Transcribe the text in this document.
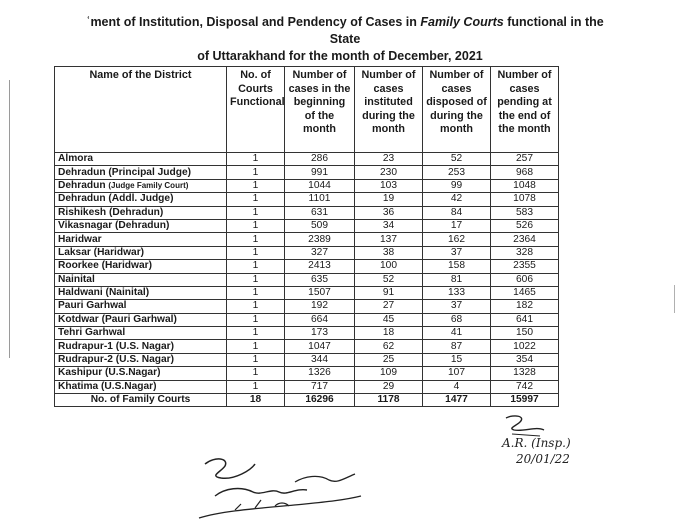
ʿment of Institution, Disposal and Pendency of Cases in Family Courts functional in the State
of Uttarakhand for the month of December, 2021
Name of the District	No. of Courts Functional	Number of cases in the beginning of the month	Number of cases instituted during the month	Number of cases disposed of during the month	Number of cases pending at the end of the month
Almora	1	286	23	52	257
Dehradun (Principal Judge)	1	991	230	253	968
Dehradun (Judge Family Court)	1	1044	103	99	1048
Dehradun (Addl. Judge)	1	1101	19	42	1078
Rishikesh (Dehradun)	1	631	36	84	583
Vikasnagar (Dehradun)	1	509	34	17	526
Haridwar	1	2389	137	162	2364
Laksar (Haridwar)	1	327	38	37	328
Roorkee (Haridwar)	1	2413	100	158	2355
Nainital	1	635	52	81	606
Haldwani (Nainital)	1	1507	91	133	1465
Pauri Garhwal	1	192	27	37	182
Kotdwar (Pauri Garhwal)	1	664	45	68	641
Tehri Garhwal	1	173	18	41	150
Rudrapur-1 (U.S. Nagar)	1	1047	62	87	1022
Rudrapur-2 (U.S. Nagar)	1	344	25	15	354
Kashipur (U.S.Nagar)	1	1326	109	107	1328
Khatima (U.S.Nagar)	1	717	29	4	742
No. of Family Courts	18	16296	1178	1477	15997
A.R. (Insp.)
20/01/22
